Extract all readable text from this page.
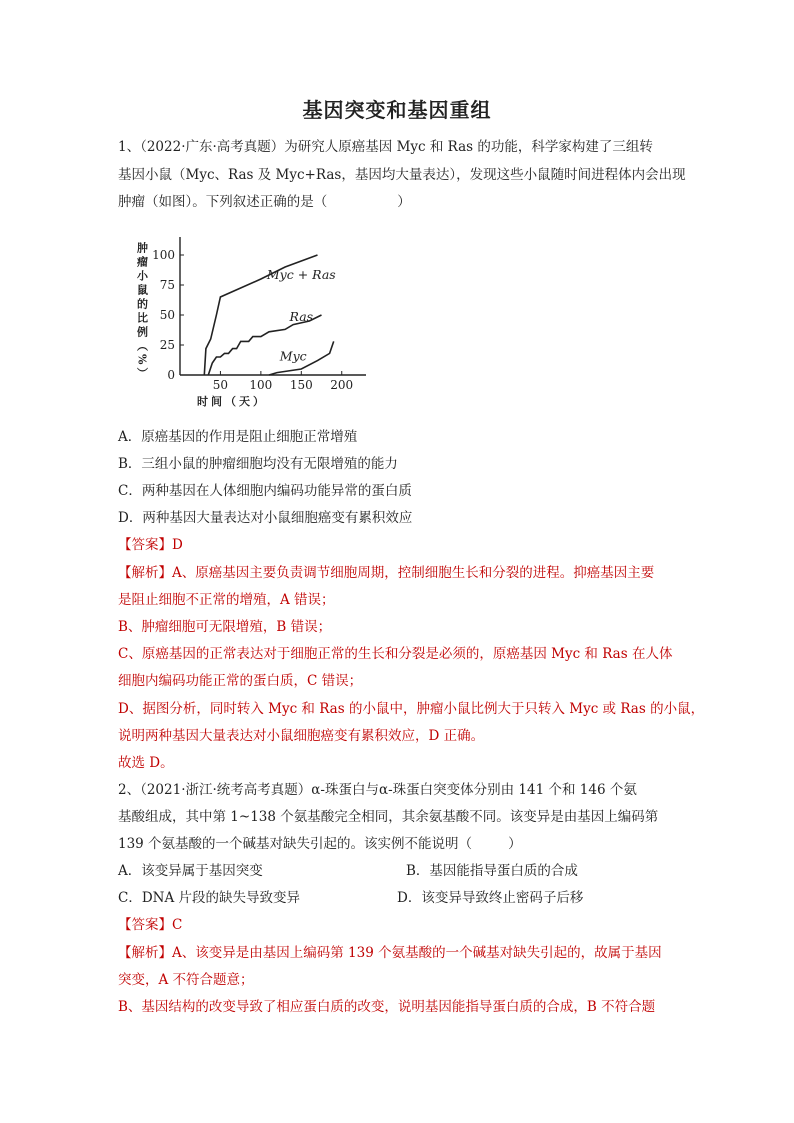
基因突变和基因重组
1、（2022·广东·高考真题）为研究人原癌基因 Myc 和 Ras 的功能，科学家构建了三组转
基因小鼠（Myc、Ras 及 Myc+Ras，基因均大量表达），发现这些小鼠随时间进程体内会出现
肿瘤（如图）。下列叙述正确的是（	）
0
25
50
75
100
50 100 150 200
肿瘤小鼠的比例（%）
时间（天）
Myc + Ras
Ras
Myc
A．原癌基因的作用是阻止细胞正常增殖
B．三组小鼠的肿瘤细胞均没有无限增殖的能力
C．两种基因在人体细胞内编码功能异常的蛋白质
D．两种基因大量表达对小鼠细胞癌变有累积效应
【答案】D
【解析】A、原癌基因主要负责调节细胞周期，控制细胞生长和分裂的进程。抑癌基因主要
是阻止细胞不正常的增殖，A 错误；
B、肿瘤细胞可无限增殖，B 错误；
C、原癌基因的正常表达对于细胞正常的生长和分裂是必须的，原癌基因 Myc 和 Ras 在人体
细胞内编码功能正常的蛋白质，C 错误；
D、据图分析，同时转入 Myc 和 Ras 的小鼠中，肿瘤小鼠比例大于只转入 Myc 或 Ras 的小鼠，
说明两种基因大量表达对小鼠细胞癌变有累积效应，D 正确。
故选 D。
2、（2021·浙江·统考高考真题）α-珠蛋白与α-珠蛋白突变体分别由 141 个和 146 个氨
基酸组成，其中第 1~138 个氨基酸完全相同，其余氨基酸不同。该变异是由基因上编码第
139 个氨基酸的一个碱基对缺失引起的。该实例不能说明（	）
A．该变异属于基因突变	B．基因能指导蛋白质的合成
C．DNA 片段的缺失导致变异	D．该变异导致终止密码子后移
【答案】C
【解析】A、该变异是由基因上编码第 139 个氨基酸的一个碱基对缺失引起的，故属于基因
突变，A 不符合题意；
B、基因结构的改变导致了相应蛋白质的改变，说明基因能指导蛋白质的合成，B 不符合题
